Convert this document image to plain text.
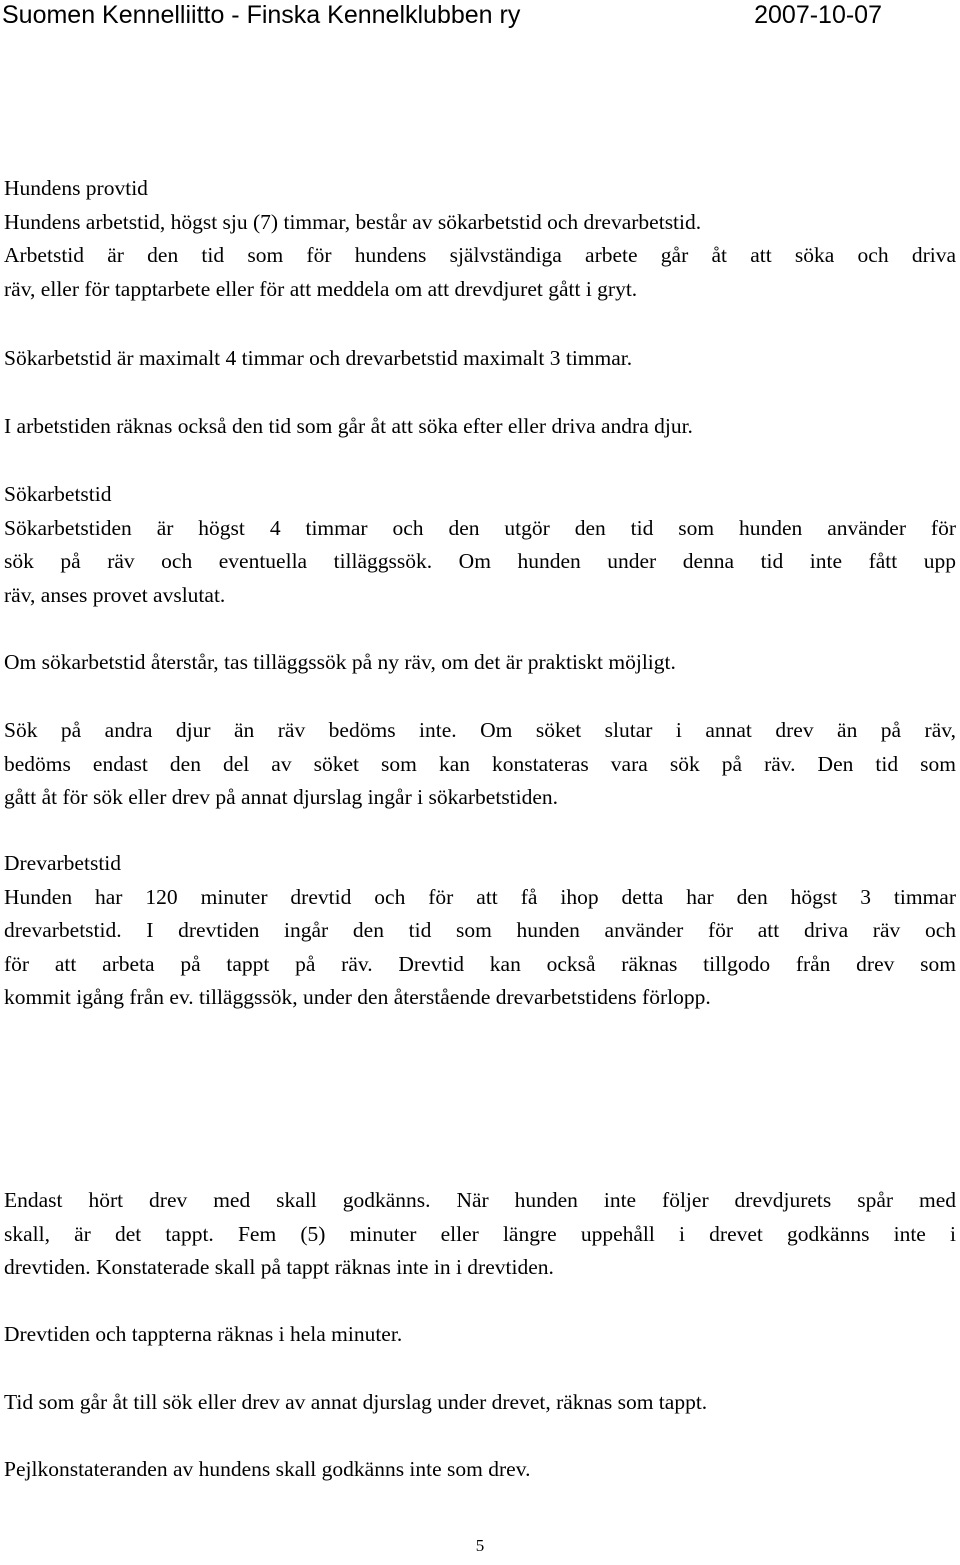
Suomen Kennelliitto - Finska Kennelklubben ry	2007-10-07
Hundens provtid
Hundens arbetstid, högst sju (7) timmar, består av sökarbetstid och drevarbetstid.
Arbetstid är den tid som för hundens självständiga arbete går åt att söka och driva
räv, eller för tapptarbete eller för att meddela om att drevdjuret gått i gryt.
Sökarbetstid är maximalt 4 timmar och drevarbetstid maximalt 3 timmar.
I arbetstiden räknas också den tid som går åt att söka efter eller driva andra djur.
Sökarbetstid
Sökarbetstiden är högst 4 timmar och den utgör den tid som hunden använder för
sök på räv och eventuella tilläggssök. Om hunden under denna tid inte fått upp
räv, anses provet avslutat.
Om sökarbetstid återstår, tas tilläggssök på ny räv, om det är praktiskt möjligt.
Sök på andra djur än räv bedöms inte. Om söket slutar i annat drev än på räv,
bedöms endast den del av söket som kan konstateras vara sök på räv. Den tid som
gått åt för sök eller drev på annat djurslag ingår i sökarbetstiden.
Drevarbetstid
Hunden har 120 minuter drevtid och för att få ihop detta har den högst 3 timmar
drevarbetstid. I drevtiden ingår den tid som hunden använder för att driva räv och
för att arbeta på tappt på räv. Drevtid kan också räknas tillgodo från drev som
kommit igång från ev. tilläggssök, under den återstående drevarbetstidens förlopp.
Endast hört drev med skall godkänns. När hunden inte följer drevdjurets spår med
skall, är det tappt. Fem (5) minuter eller längre uppehåll i drevet godkänns inte i
drevtiden. Konstaterade skall på tappt räknas inte in i drevtiden.
Drevtiden och tappterna räknas i hela minuter.
Tid som går åt till sök eller drev av annat djurslag under drevet, räknas som tappt.
Pejlkonstateranden av hundens skall godkänns inte som drev.
5
